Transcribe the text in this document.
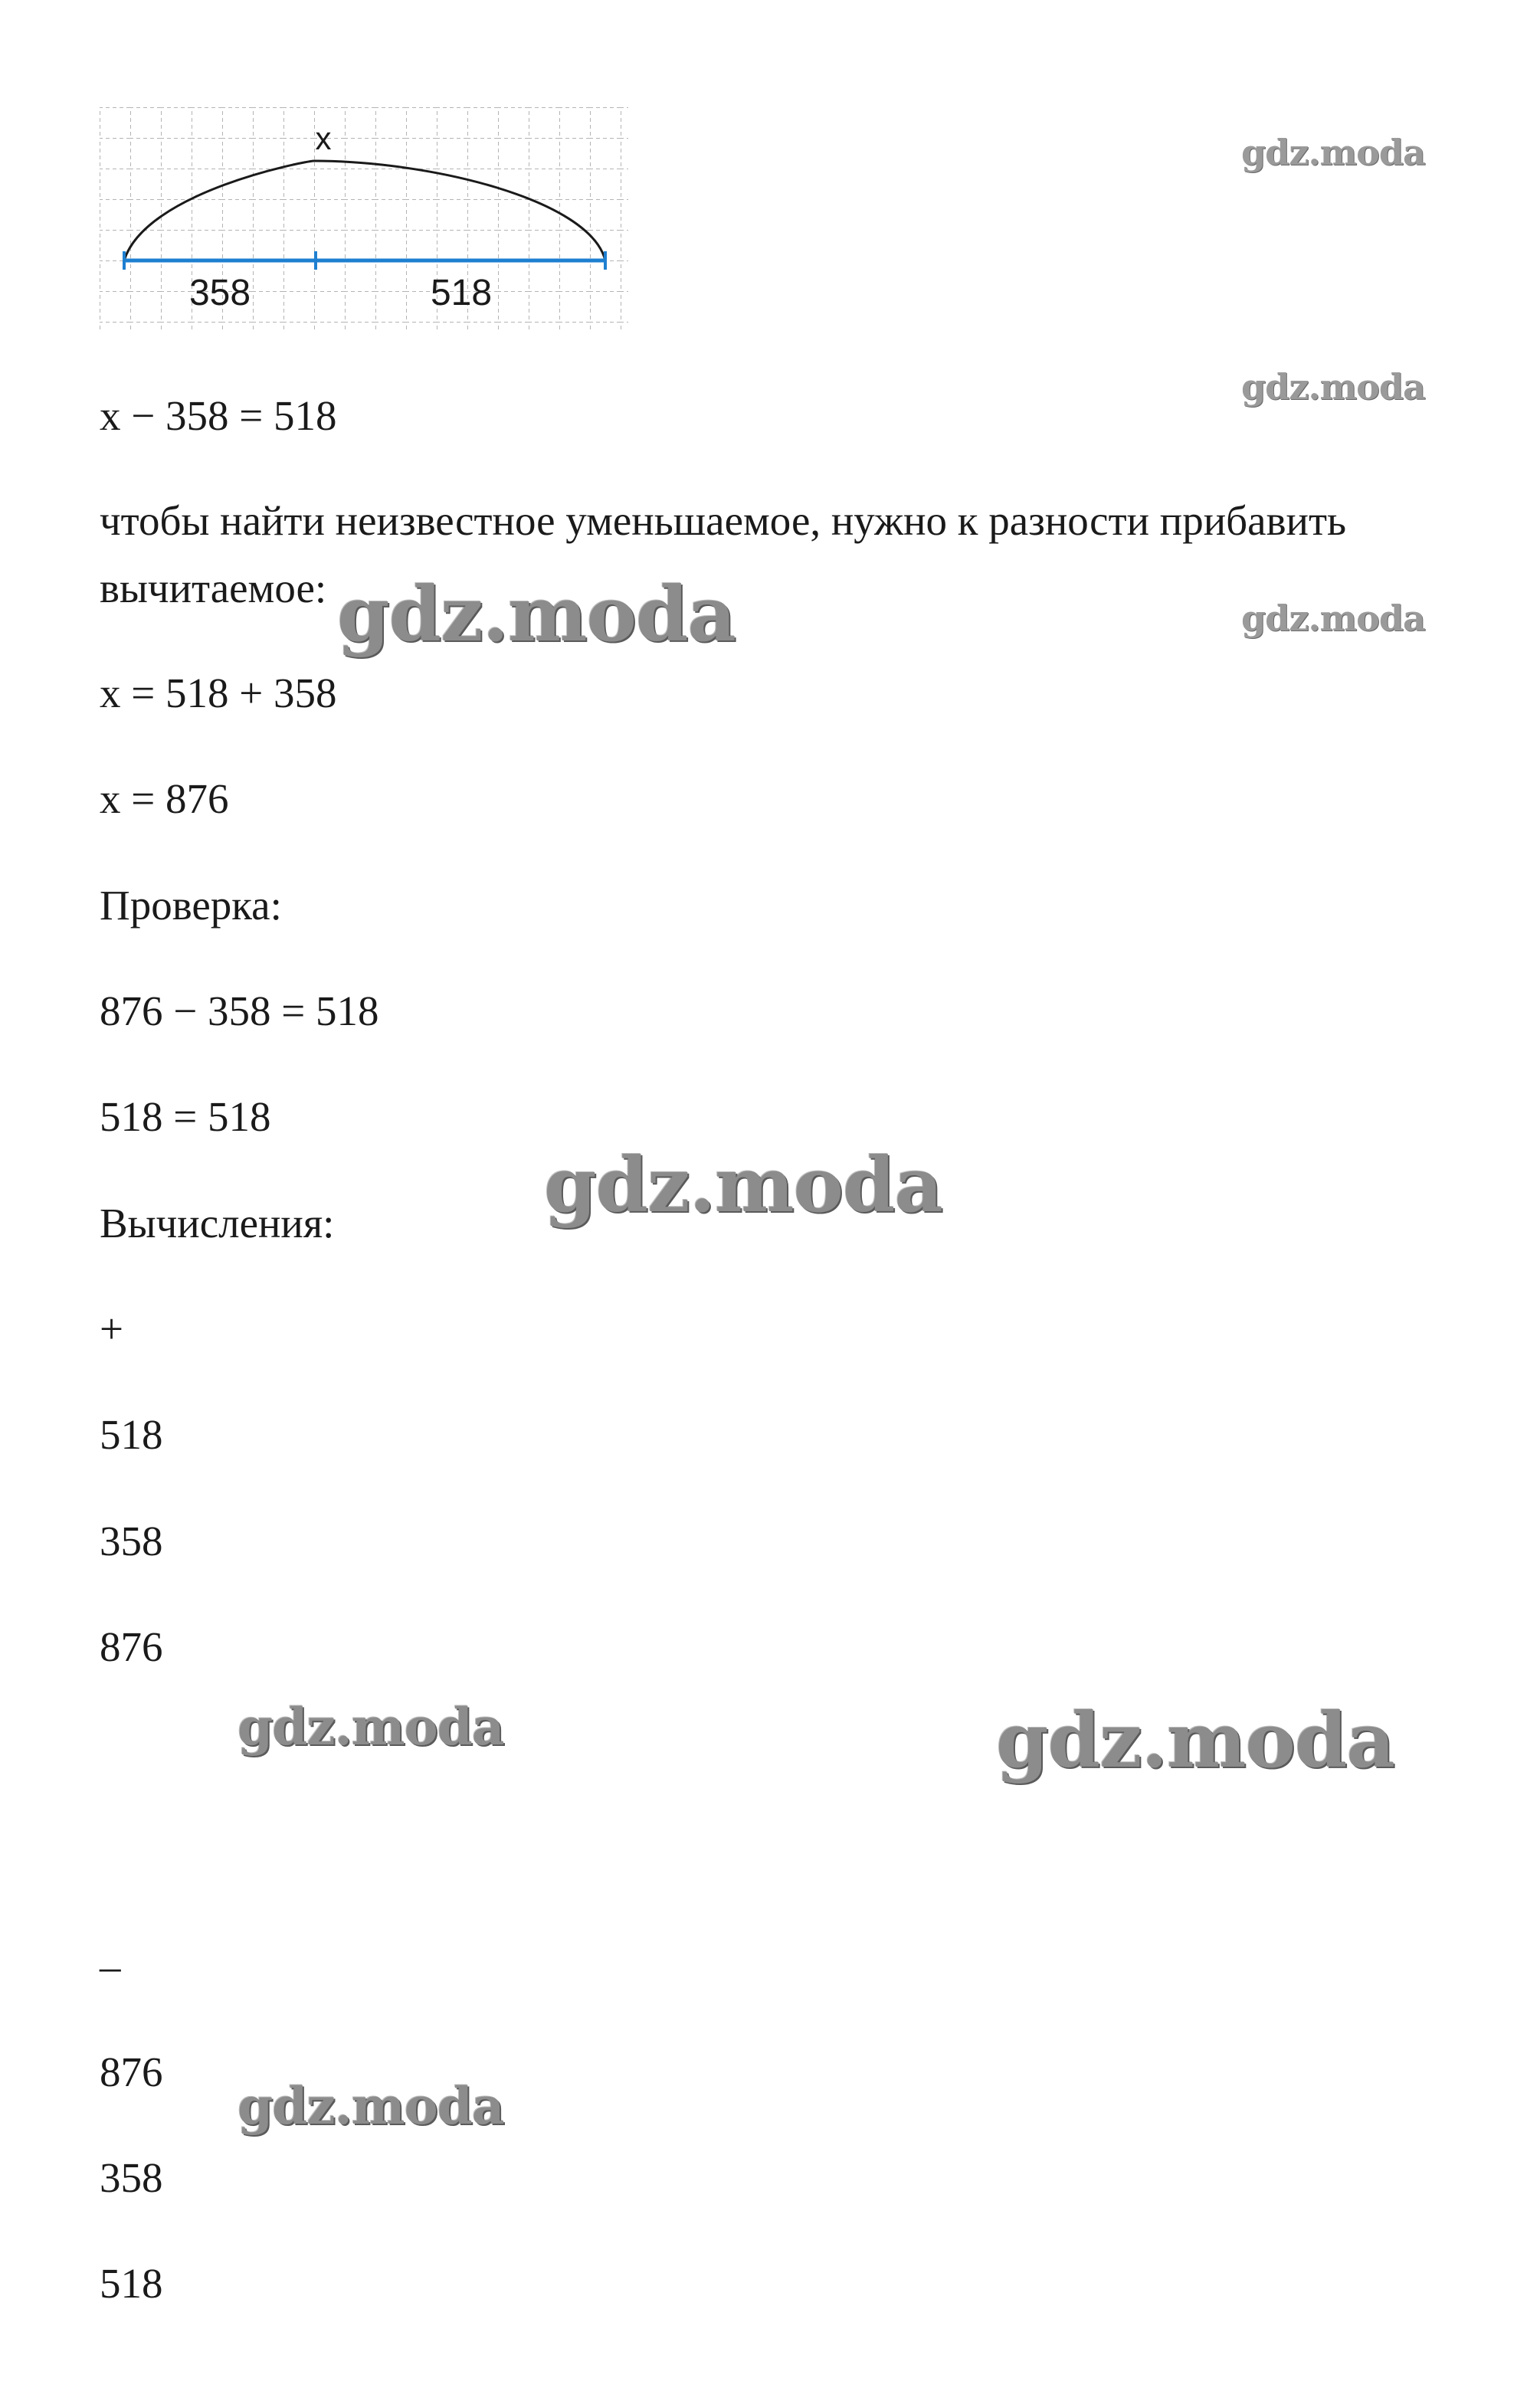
x
358	518
x − 358 = 518
чтобы найти неизвестное уменьшаемое, нужно к разности прибавить вычитаемое:
x = 518 + 358
x = 876
Проверка:
876 − 358 = 518
518 = 518
Вычисления:
+
518
358
876
–
876
358
518
gdz.moda
gdz.moda
gdz.moda
gdz.moda
gdz.moda
gdz.moda	gdz.moda
gdz.moda
